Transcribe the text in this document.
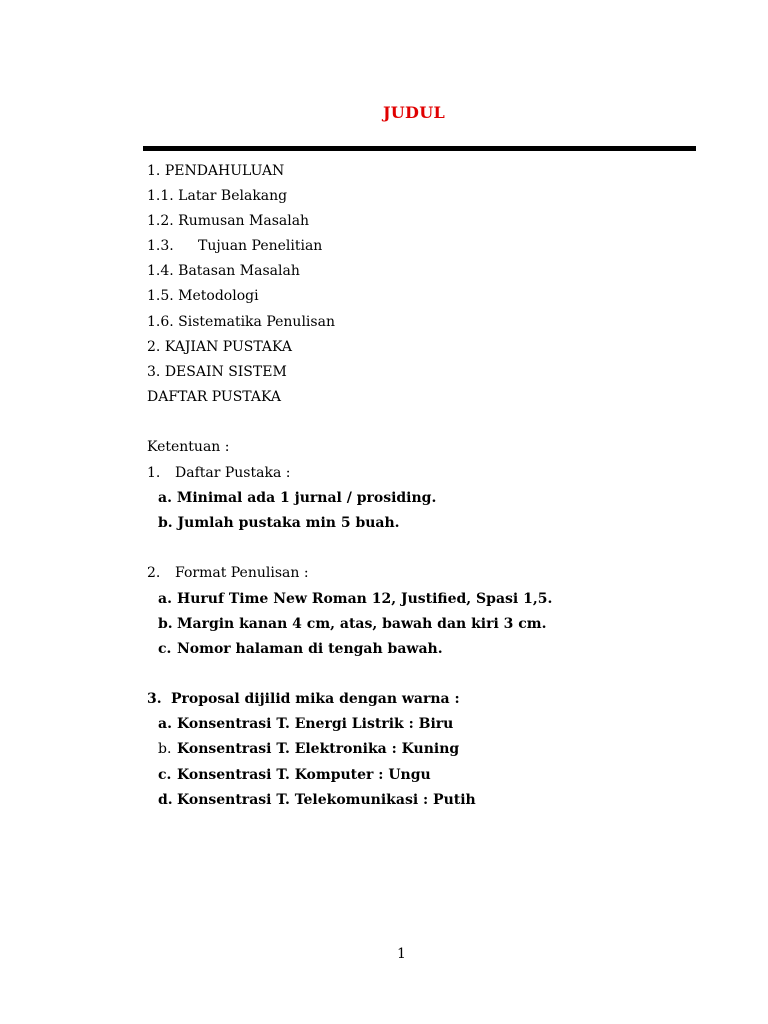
JUDUL
1. PENDAHULUAN
1.1. Latar Belakang
1.2. Rumusan Masalah
1.3. Tujuan Penelitian
1.4. Batasan Masalah
1.5. Metodologi
1.6. Sistematika Penulisan
2. KAJIAN PUSTAKA
3. DESAIN SISTEM
DAFTAR PUSTAKA
Ketentuan :
1. Daftar Pustaka :
a. Minimal ada 1 jurnal / prosiding.
b. Jumlah pustaka min 5 buah.
2. Format Penulisan :
a. Huruf Time New Roman 12, Justified, Spasi 1,5.
b. Margin kanan 4 cm, atas, bawah dan kiri 3 cm.
c. Nomor halaman di tengah bawah.
3. Proposal dijilid mika dengan warna :
a. Konsentrasi T. Energi Listrik : Biru
b. Konsentrasi T. Elektronika : Kuning
c. Konsentrasi T. Komputer : Ungu
d. Konsentrasi T. Telekomunikasi : Putih
1
